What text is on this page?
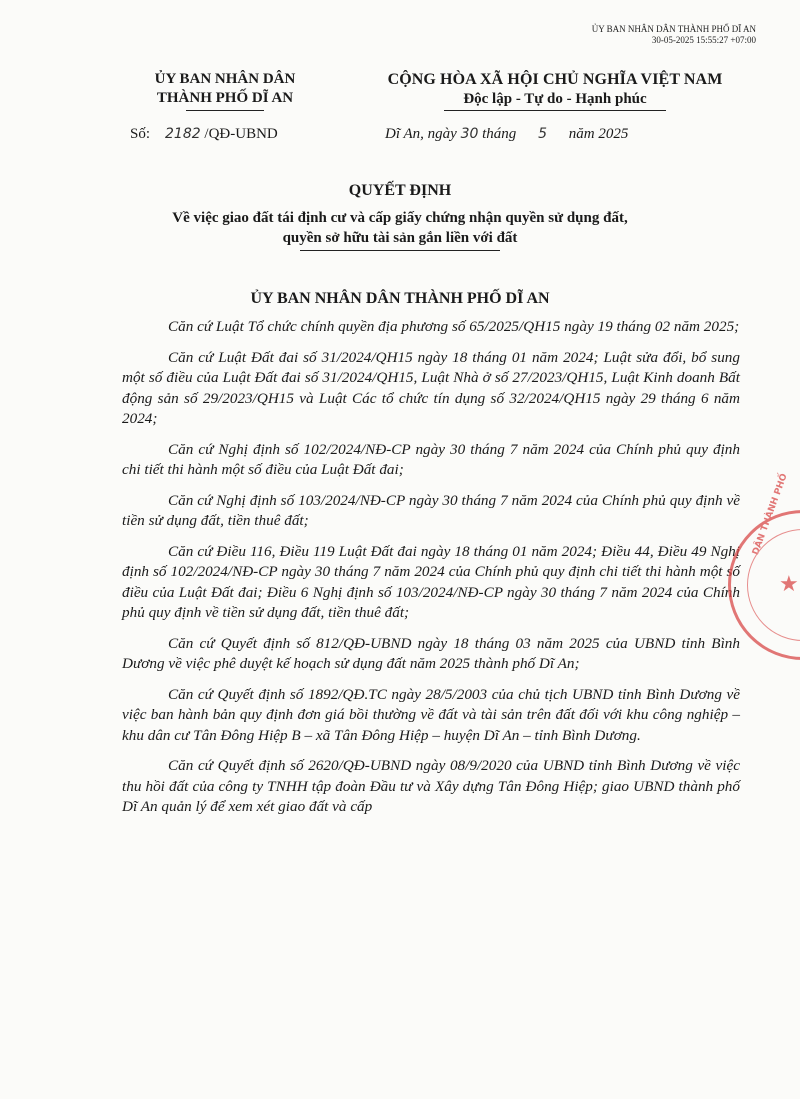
ỦY BAN NHÂN DÂN THÀNH PHỐ DĨ AN
30-05-2025 15:55:27 +07:00
ỦY BAN NHÂN DÂN
THÀNH PHỐ DĨ AN
CỘNG HÒA XÃ HỘI CHỦ NGHĨA VIỆT NAM
Độc lập - Tự do - Hạnh phúc
Số: 2182 /QĐ-UBND	Dĩ An, ngày 30 tháng 5 năm 2025
QUYẾT ĐỊNH
Về việc giao đất tái định cư và cấp giấy chứng nhận quyền sử dụng đất,
quyền sở hữu tài sản gắn liền với đất
ỦY BAN NHÂN DÂN THÀNH PHỐ DĨ AN

Căn cứ Luật Tổ chức chính quyền địa phương số 65/2025/QH15 ngày 19 tháng 02 năm 2025;

Căn cứ Luật Đất đai số 31/2024/QH15 ngày 18 tháng 01 năm 2024; Luật sửa đổi, bổ sung một số điều của Luật Đất đai số 31/2024/QH15, Luật Nhà ở số 27/2023/QH15, Luật Kinh doanh Bất động sản số 29/2023/QH15 và Luật Các tổ chức tín dụng số 32/2024/QH15 ngày 29 tháng 6 năm 2024;

Căn cứ Nghị định số 102/2024/NĐ-CP ngày 30 tháng 7 năm 2024 của Chính phủ quy định chi tiết thi hành một số điều của Luật Đất đai;

Căn cứ Nghị định số 103/2024/NĐ-CP ngày 30 tháng 7 năm 2024 của Chính phủ quy định về tiền sử dụng đất, tiền thuê đất;

Căn cứ Điều 116, Điều 119 Luật Đất đai ngày 18 tháng 01 năm 2024; Điều 44, Điều 49 Nghị định số 102/2024/NĐ-CP ngày 30 tháng 7 năm 2024 của Chính phủ quy định chi tiết thi hành một số điều của Luật Đất đai; Điều 6 Nghị định số 103/2024/NĐ-CP ngày 30 tháng 7 năm 2024 của Chính phủ quy định về tiền sử dụng đất, tiền thuê đất;

Căn cứ Quyết định số 812/QĐ-UBND ngày 18 tháng 03 năm 2025 của UBND tỉnh Bình Dương về việc phê duyệt kế hoạch sử dụng đất năm 2025 thành phố Dĩ An;

Căn cứ Quyết định số 1892/QĐ.TC ngày 28/5/2003 của chủ tịch UBND tỉnh Bình Dương về việc ban hành bản quy định đơn giá bồi thường về đất và tài sản trên đất đối với khu công nghiệp – khu dân cư Tân Đông Hiệp B – xã Tân Đông Hiệp – huyện Dĩ An – tỉnh Bình Dương.

Căn cứ Quyết định số 2620/QĐ-UBND ngày 08/9/2020 của UBND tỉnh Bình Dương về việc thu hồi đất của công ty TNHH tập đoàn Đầu tư và Xây dựng Tân Đông Hiệp; giao UBND thành phố Dĩ An quản lý để xem xét giao đất và cấp

DÂN THÀNH PHỐ
★
